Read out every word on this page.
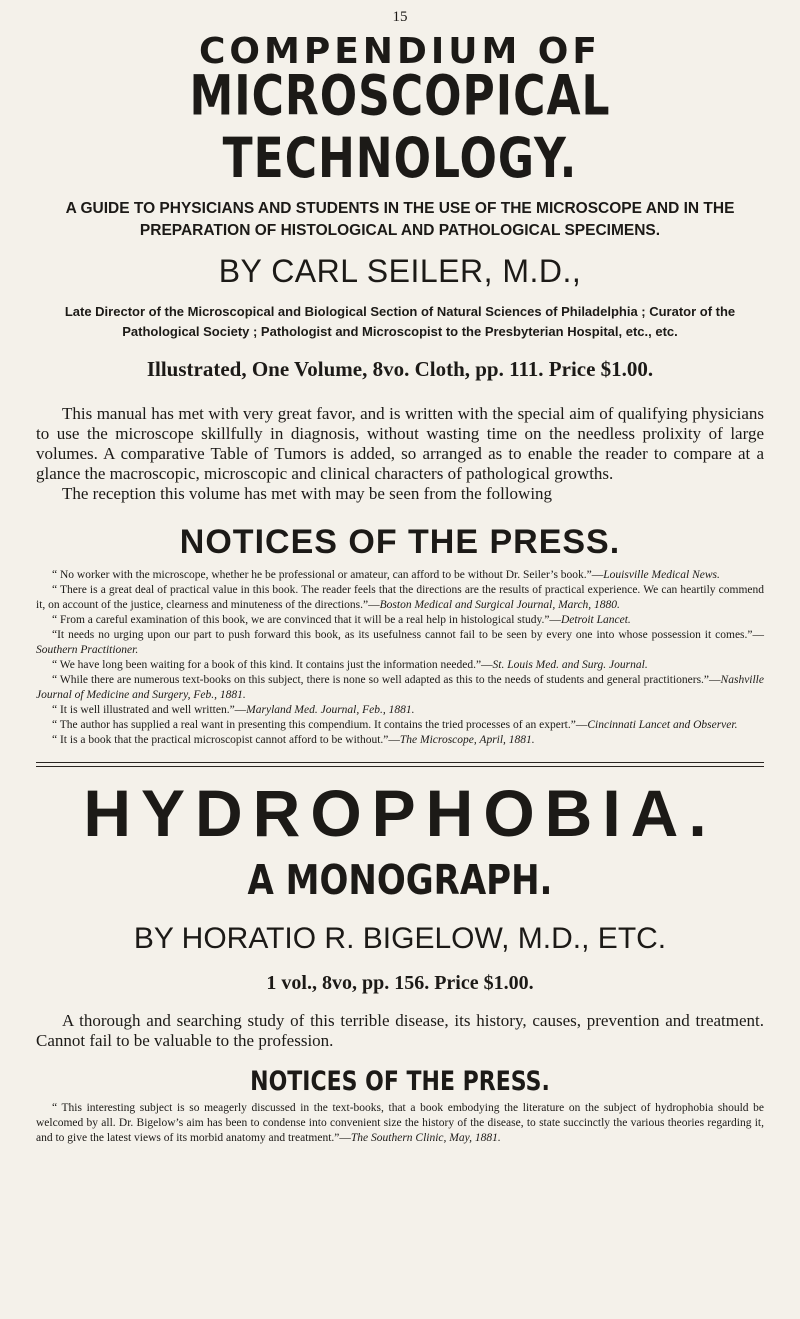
15

COMPENDIUM OF
MICROSCOPICAL TECHNOLOGY.

A GUIDE TO PHYSICIANS AND STUDENTS IN THE USE OF THE MICROSCOPE AND IN THE PREPARATION OF HISTOLOGICAL AND PATHOLOGICAL SPECIMENS.

BY CARL SEILER, M.D.,

Late Director of the Microscopical and Biological Section of Natural Sciences of Philadelphia ; Curator of the Pathological Society ; Pathologist and Microscopist to the Presbyterian Hospital, etc., etc.

Illustrated, One Volume, 8vo. Cloth, pp. 111. Price $1.00.

This manual has met with very great favor, and is written with the special aim of qualifying physicians to use the microscope skillfully in diagnosis, without wasting time on the needless prolixity of large volumes. A comparative Table of Tumors is added, so arranged as to enable the reader to compare at a glance the macroscopic, microscopic and clinical characters of pathological growths.

The reception this volume has met with may be seen from the following

NOTICES OF THE PRESS.

“ No worker with the microscope, whether he be professional or amateur, can afford to be without Dr. Seiler’s book.”—Louisville Medical News.

“ There is a great deal of practical value in this book. The reader feels that the directions are the results of practical experience. We can heartily commend it, on account of the justice, clearness and minuteness of the directions.”—Boston Medical and Surgical Journal, March, 1880.

“ From a careful examination of this book, we are convinced that it will be a real help in histological study.”—Detroit Lancet.

“It needs no urging upon our part to push forward this book, as its usefulness cannot fail to be seen by every one into whose possession it comes.”—Southern Practitioner.

“ We have long been waiting for a book of this kind. It contains just the information needed.”—St. Louis Med. and Surg. Journal.

“ While there are numerous text-books on this subject, there is none so well adapted as this to the needs of students and general practitioners.”—Nashville Journal of Medicine and Surgery, Feb., 1881.

“ It is well illustrated and well written.”—Maryland Med. Journal, Feb., 1881.

“ The author has supplied a real want in presenting this compendium. It contains the tried processes of an expert.”—Cincinnati Lancet and Observer.

“ It is a book that the practical microscopist cannot afford to be without.”—The Microscope, April, 1881.

HYDROPHOBIA.
A MONOGRAPH.

BY HORATIO R. BIGELOW, M.D., ETC.

1 vol., 8vo, pp. 156. Price $1.00.

A thorough and searching study of this terrible disease, its history, causes, prevention and treatment. Cannot fail to be valuable to the profession.

NOTICES OF THE PRESS.

“ This interesting subject is so meagerly discussed in the text-books, that a book embodying the literature on the subject of hydrophobia should be welcomed by all. Dr. Bigelow’s aim has been to condense into convenient size the history of the disease, to state succinctly the various theories regarding it, and to give the latest views of its morbid anatomy and treatment.”—The Southern Clinic, May, 1881.
